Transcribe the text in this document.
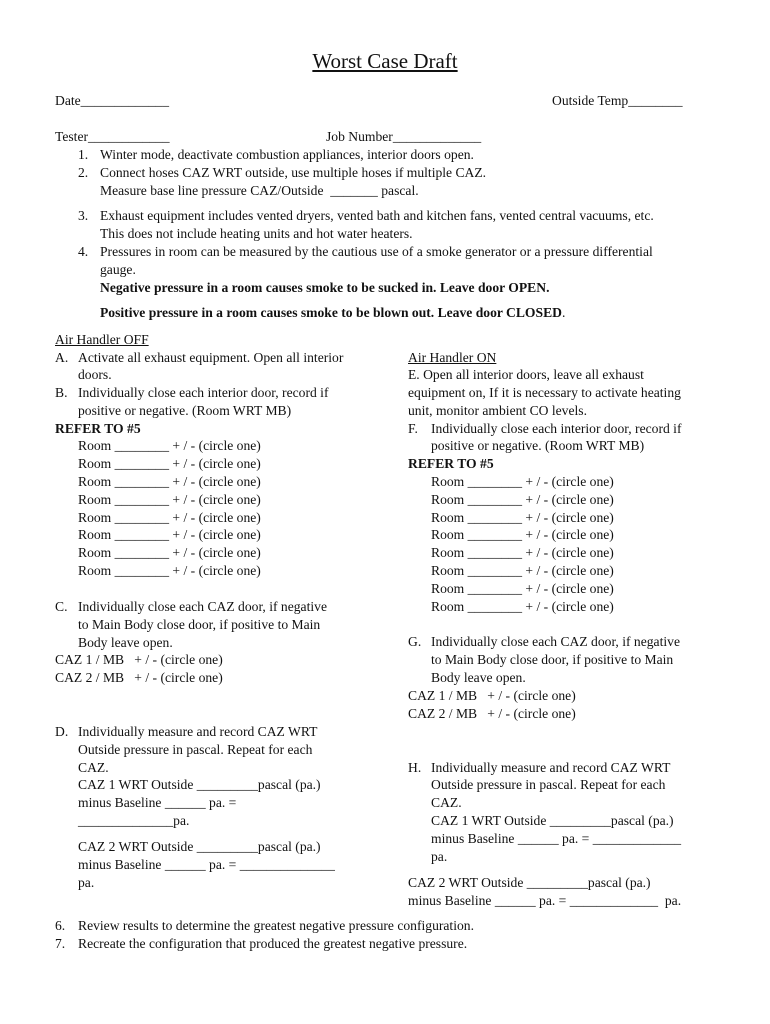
Worst Case Draft
Date_____________	Outside Temp________
Tester____________	Job Number_____________
1. Winter mode, deactivate combustion appliances, interior doors open.
2. Connect hoses CAZ WRT outside, use multiple hoses if multiple CAZ.
Measure base line pressure CAZ/Outside  _______ pascal.
3. Exhaust equipment includes vented dryers, vented bath and kitchen fans, vented central vacuums, etc.
This does not include heating units and hot water heaters.
4. Pressures in room can be measured by the cautious use of a smoke generator or a pressure differential
gauge.
Negative pressure in a room causes smoke to be sucked in. Leave door OPEN.
Positive pressure in a room causes smoke to be blown out. Leave door CLOSED.
Air Handler OFF
A. Activate all exhaust equipment. Open all interior
doors.
B. Individually close each interior door, record if
positive or negative. (Room WRT MB)
REFER TO #5
Room ________ + / - (circle one)
Room ________ + / - (circle one)
Room ________ + / - (circle one)
Room ________ + / - (circle one)
Room ________ + / - (circle one)
Room ________ + / - (circle one)
Room ________ + / - (circle one)
Room ________ + / - (circle one)
C. Individually close each CAZ door, if negative
to Main Body close door, if positive to Main
Body leave open.
CAZ 1 / MB   + / - (circle one)
CAZ 2 / MB   + / - (circle one)
D. Individually measure and record CAZ WRT
Outside pressure in pascal. Repeat for each
CAZ.
CAZ 1 WRT Outside _________pascal (pa.)
minus Baseline ______ pa. =
______________pa.
CAZ 2 WRT Outside _________pascal (pa.)
minus Baseline ______ pa. = ______________
pa.
Air Handler ON
E. Open all interior doors, leave all exhaust
equipment on, If it is necessary to activate heating
unit, monitor ambient CO levels.
F. Individually close each interior door, record if
positive or negative. (Room WRT MB)
REFER TO #5
Room ________ + / - (circle one)
Room ________ + / - (circle one)
Room ________ + / - (circle one)
Room ________ + / - (circle one)
Room ________ + / - (circle one)
Room ________ + / - (circle one)
Room ________ + / - (circle one)
Room ________ + / - (circle one)
G. Individually close each CAZ door, if negative
to Main Body close door, if positive to Main
Body leave open.
CAZ 1 / MB   + / - (circle one)
CAZ 2 / MB   + / - (circle one)
H. Individually measure and record CAZ WRT
Outside pressure in pascal. Repeat for each
CAZ.
CAZ 1 WRT Outside _________pascal (pa.)
minus Baseline ______ pa. = _____________
pa.
CAZ 2 WRT Outside _________pascal (pa.)
minus Baseline ______ pa. = _____________  pa.
6. Review results to determine the greatest negative pressure configuration.
7. Recreate the configuration that produced the greatest negative pressure.
